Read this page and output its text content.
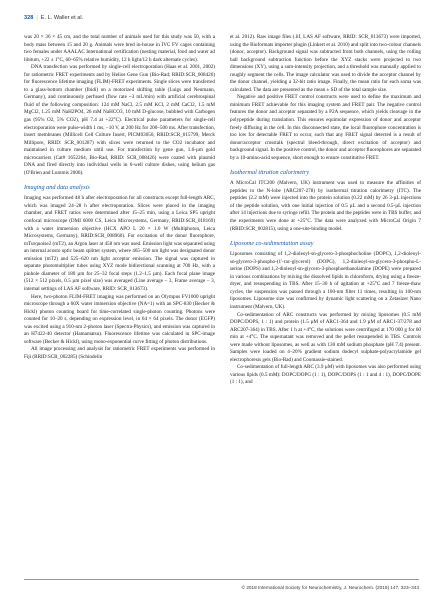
328 | E. L. Waller et al.

was 20 × 36 × 45 cm, and the total number of animals used for this study was 50, with a body mass between 15 and 20 g. Animals were bred in-house in IVC FV cages containing two females under AAALAC International certification (nesting material, food and water ad libitum, +22 ± 1°C, 60–65% relative humidity, 12 h light/12 h dark alternate cycles).

DNA transfection was performed by single-cell electroporation (Haas et al. 2001, 2002) for ratiometric FRET experiments and by Helios Gene Gun (Bio-Rad; RRID:SCR_008426) for fluorescence lifetime imaging (FLIM)-FRET experiments. Single slices were transferred to a glass-bottom chamber (Ibidi) on a motorized shifting table (Luigs and Neumann, Germany), and continuously perfused (flow rate ~3 mL/min) with artificial cerebrospinal fluid of the following composition: 124 mM NaCl, 2.5 mM KCl, 2 mM CaCl2, 1.5 mM MgCl2, 1.25 mM NaH2PO4, 26 mM NaHCO3, 10 mM D-glucose, bubbled with Carbogen gas (95% O2, 5% CO2), pH 7.4 at +22°C). Electrical pulse parameters for single-cell electroporation were pulse-width 1 ms, −10 V, at 200 Hz for 200–500 ms. After transfection, insert membranes (Millicell Cell Culture Insert, PICM03050, RRID:SCR_015799, Merck Millipore, RRID: SCR_001287) with slices were returned to the CO2 incubator and maintained in culture medium until use. For transfection by gene gun, 1.6-µm gold microcarriers (Cat# 1652264, Bio-Rad, RRID: SCR_008426) were coated with plasmid DNA and fired directly into individual wells in 6-well culture dishes, using helium gas (O'Brien and Lummis 2006).

Imaging and data analysis

Imaging was performed 48 h after electroporation for all constructs except full-length ARC, which was imaged 24–28 h after electroporation. Slices were placed in the imaging chamber, and FRET ratios were determined after 15–25 min, using a Leica SP5 upright confocal microscope (DMI 6000 CS, Leica Microsystems, Germany, RRID:SCR_018169) with a water immersion objective (HCX APO L 20 × 1.0 W (Multiphoton, Leica Microsystems, Germany), RRID:SCR_008960). For excitation of the donor fluorophore, mTurquoise2 (mT2), an Argon laser at 458 nm was used. Emission light was separated using an internal acusto optic beam splitter system, where 465–500 nm light was designated donor emission (mT2) and 525–620 nm light acceptor emission. The signal was captured in separate photomultiplier tubes using XYZ mode bidirectional scanning at 700 Hz, with a pinhole diameter of 180 µm for 25–32 focal steps (1.2–1.5 µm). Each focal plane image (512 × 512 pixels, 0.5 µm pixel size) was averaged (Line average – 3, Frame average – 3, internal settings of LAS AF software, RRID: SCR_013673).

Here, two-photon FLIM-FRET imaging was performed on an Olympus FV1000 upright microscope through a 60X water immersion objective (NA=1) with an SPC-830 (Becker & Hickl) photon counting board for time-correlated single-photon counting. Photons were counted for 10–20 s, depending on expression level, in 64 × 64 pixels. The donor (EGFP) was excited using a 910-nm 2-photon laser (Spectra-Physics), and emission was captured in an H7422-40 detector (Hamamatsu). Fluorescence lifetime was calculated in SPC-image software (Becker & Hickl), using mono-exponential curve fitting of photon distributions.

All image processing and analysis for ratiometric FRET experiments was performed in Fiji (RRID:SCR_002285) (Schindelin

et al. 2012). Raw image files (.lif, LAS AF software, RRID: SCR_013673) were imported, using the Bioformats importer plugin (Linkert et al. 2010) and split into two-colour channels (donor, acceptor). Background signal was subtracted from both channels, using the rolling ball background subtraction function before the XYZ stacks were projected to two dimensions (XY), using a sum-intensity projection, and a threshold was manually applied to roughly segment the cells. The image calculator was used to divide the acceptor channel by the donor channel, yielding a 32-bit ratio image. Finally, the mean ratio for each soma was calculated. The data are presented as the mean ± SD of the total sample size.

Negative and positive FRET control constructs were used to define the maximum and minimum FRET achievable for this imaging system and FRET pair. The negative control features the donor and acceptor separated by a P2A sequence, which yields cleavage in the polypeptide during translation. This ensures equimolar expression of donor and acceptor freely diffusing in the cell. In this disconnected state, the local fluorophore concentration is too low for detectable FRET to occur, such that any FRET signal detected is a result of donor/acceptor crosstalk (spectral bleed-through, direct excitation of acceptor) and background signal. In the positive control, the donor and acceptor fluorophores are separated by a 10-amino-acid sequence, short enough to ensure constitutive FRET.

Isothermal titration calorimetry

A MicroCal ITC200 (Malvern, UK) instrument was used to measure the affinities of peptides to the N-lobe (ARC207-278) by isothermal titration calorimetry (ITC). The peptides (2.2 mM) were injected into the protein solution (0.22 mM) by 26 3-µL injections of the peptide solution, with one initial injection of 0.5 µL and a second 0.5-µL injection after 14 injections due to syringe refill. The protein and the peptides were in TBS buffer, and the experiments were done at +25°C. The data were analyzed with MicroCal Origin 7 (RRID:SCR_002815), using a one-site-binding model.

Liposome co-sedimentation assay

Liposomes consisting of 1,2-dioleoyl-sn-glycero-3-phosphocholine (DOPC), 1,2-dioleoyl-sn-glycero-3-phospho-(1'-rac-glycerol) (DOPG), 1,2-dioleoyl-sn-glycero-3-phospho-L-serine (DOPS) and 1,2-dioleoyl-sn-glycero-3-phosphoethanolamine (DOPE) were prepared in various combinations by mixing the dissolved lipids in chloroform, drying using a freeze-dryer, and resuspending in TBS. After 15–30 h of agitation at +25°C and 7 freeze-thaw cycles, the suspension was passed through a 100-nm filter 11 times, resulting in 100-nm liposomes. Liposome size was confirmed by dynamic light scattering on a Zetasizer Nano instrument (Malvern, UK).

Co-sedimentation of ARC constructs was performed by mixing liposomes (0.5 mM DOPC/DOPS, 1 : 1) and protein (1.5 µM of ARC1-364 and 1.9 µM of ARC1-37/278 and ARC207-364) in TBS. After 1 h at +4°C, the solutions were centrifuged at 170 000 g for 60 min at +4°C. The supernatant was removed and the pellet resuspended in TBS. Controls were made without liposomes, as well as with 130 mM sodium phosphate (pH 7.4) present. Samples were loaded on 4–20% gradient sodium dodecyl sulphate-polyacrylamide gel electrophoresis gels (Bio-Rad) and Coomassie-stained.

Co-sedimentation of full-length ARC (3.9 µM) with liposomes was also performed using various lipids (0.5 mM): DOPC/DOPG (1 : 1), DOPC/DOPS (1 : 1 and 4 : 1), DOPC/DOPE (1 : 1), and

© 2018 International Society for Neurochemistry, J. Neurochem. (2019) 147, 323–343
